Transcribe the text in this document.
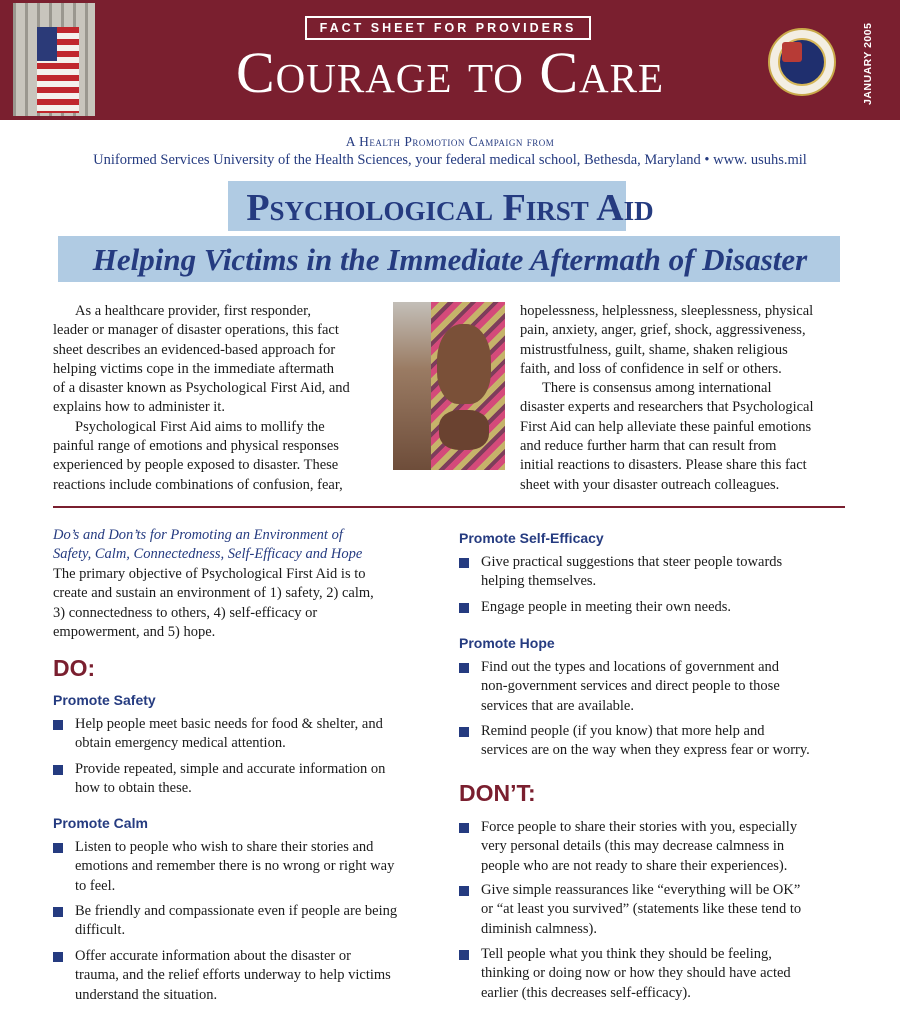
FACT SHEET FOR PROVIDERS
Courage to Care	JANUARY 2005
A Health Promotion Campaign from
Uniformed Services University of the Health Sciences, your federal medical school, Bethesda, Maryland • www. usuhs.mil
Psychological First Aid
Helping Victims in the Immediate Aftermath of Disaster

As a healthcare provider, first responder,

leader or manager of disaster operations, this fact

sheet describes an evidenced-based approach for

helping victims cope in the immediate aftermath

of a disaster known as Psychological First Aid, and

explains how to administer it.

Psychological First Aid aims to mollify the

painful range of emotions and physical responses

experienced by people exposed to disaster. These

reactions include combinations of confusion, fear,

hopelessness, helplessness, sleeplessness, physical

pain, anxiety, anger, grief, shock, aggressiveness,

mistrustfulness, guilt, shame, shaken religious

faith, and loss of confidence in self or others.

There is consensus among international

disaster experts and researchers that Psychological

First Aid can help alleviate these painful emotions

and reduce further harm that can result from

initial reactions to disasters. Please share this fact

sheet with your disaster outreach colleagues.

Do’s and Don’ts for Promoting an Environment of
Safety, Calm, Connectedness, Self-Efficacy and Hope

The primary objective of Psychological First Aid is to

create and sustain an environment of 1) safety, 2) calm,

3) connectedness to others, 4) self-efficacy or

empowerment, and 5) hope.

DO:
Promote Safety
Help people meet basic needs for food & shelter, and
obtain emergency medical attention.
Provide repeated, simple and accurate information on
how to obtain these.
Promote Calm
Listen to people who wish to share their stories and
emotions and remember there is no wrong or right way
to feel.
Be friendly and compassionate even if people are being
difficult.
Offer accurate information about the disaster or
trauma, and the relief efforts underway to help victims
understand the situation.
Promote Self-Efficacy
Give practical suggestions that steer people towards
helping themselves.
Engage people in meeting their own needs.
Promote Hope
Find out the types and locations of government and
non-government services and direct people to those
services that are available.
Remind people (if you know) that more help and
services are on the way when they express fear or worry.
DON’T:
Force people to share their stories with you, especially
very personal details (this may decrease calmness in
people who are not ready to share their experiences).
Give simple reassurances like “everything will be OK”
or “at least you survived” (statements like these tend to
diminish calmness).
Tell people what you think they should be feeling,
thinking or doing now or how they should have acted
earlier (this decreases self-efficacy).
